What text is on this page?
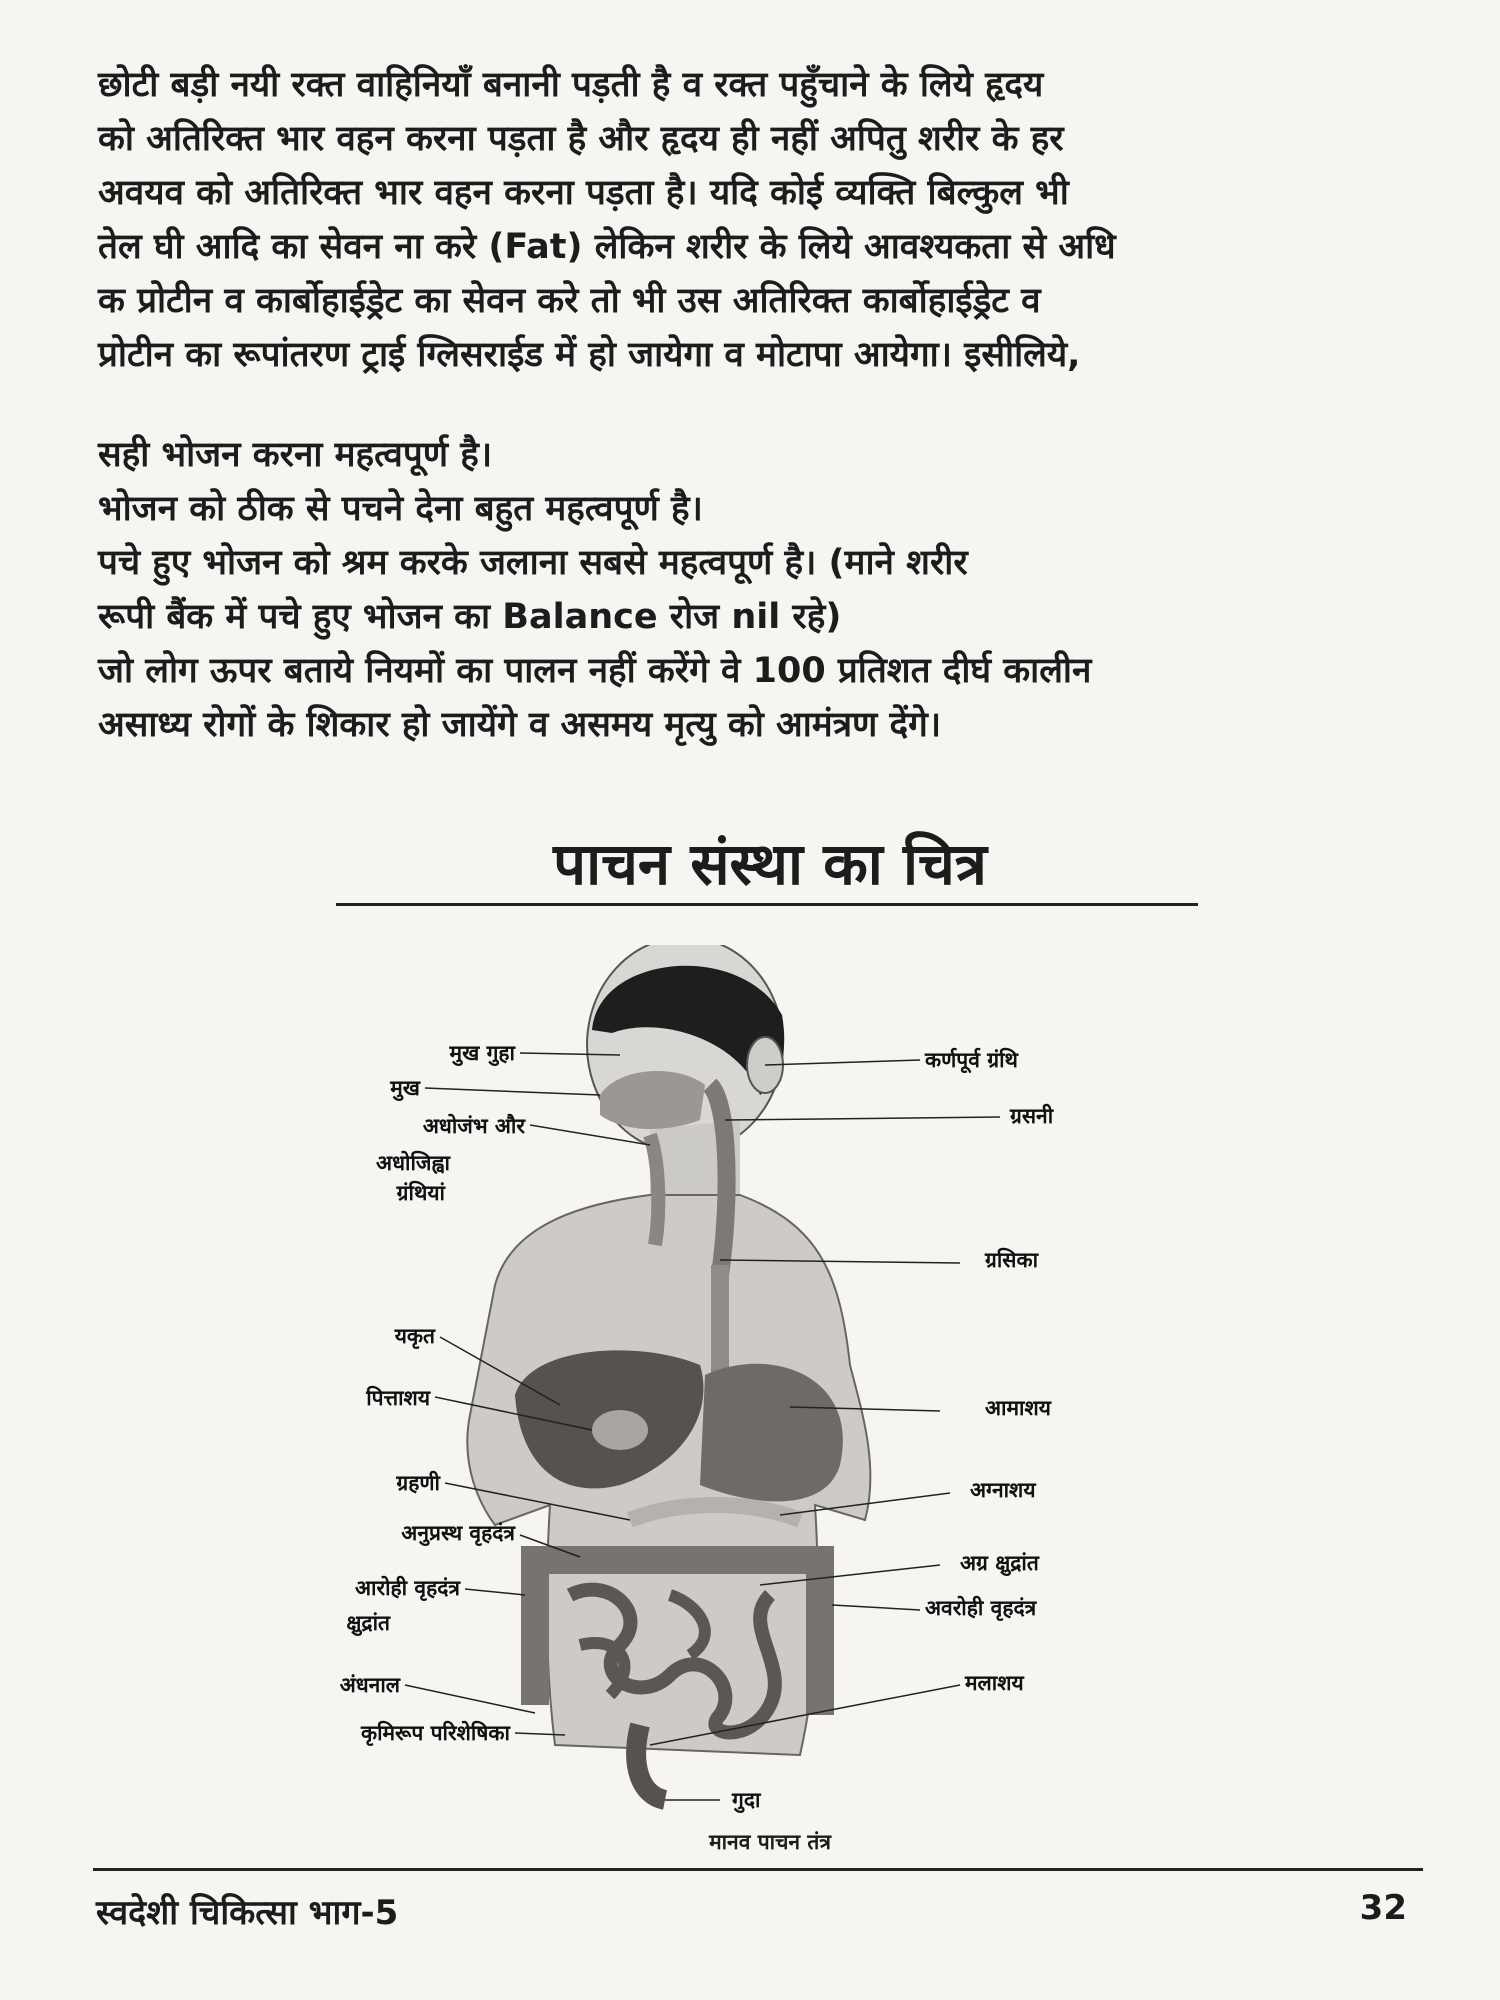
छोटी बड़ी नयी रक्त वाहिनियाँ बनानी पड़ती है व रक्त पहुँचाने के लिये हृदय
को अतिरिक्त भार वहन करना पड़ता है और हृदय ही नहीं अपितु शरीर के हर
अवयव को अतिरिक्त भार वहन करना पड़ता है। यदि कोई व्यक्ति बिल्कुल भी
तेल घी आदि का सेवन ना करे (Fat) लेकिन शरीर के लिये आवश्यकता से अधि
क प्रोटीन व कार्बोहाईड्रेट का सेवन करे तो भी उस अतिरिक्त कार्बोहाईड्रेट व
प्रोटीन का रूपांतरण ट्राई ग्लिसराईड में हो जायेगा व मोटापा आयेगा। इसीलिये,
सही भोजन करना महत्वपूर्ण है।
भोजन को ठीक से पचने देना बहुत महत्वपूर्ण है।
पचे हुए भोजन को श्रम करके जलाना सबसे महत्वपूर्ण है। (माने शरीर
रूपी बैंक में पचे हुए भोजन का Balance रोज nil रहे)
जो लोग ऊपर बताये नियमों का पालन नहीं करेंगे वे 100 प्रतिशत दीर्घ कालीन
असाध्य रोगों के शिकार हो जायेंगे व असमय मृत्यु को आमंत्रण देंगे।
पाचन संस्था का चित्र
मुख गुहा
मुख
अधोजंभ और
अधोजिह्वा
ग्रंथियां
यकृत
पित्ताशय
ग्रहणी
अनुप्रस्थ वृहदंत्र
आरोही वृहदंत्र
क्षुद्रांत
अंधनाल
कृमिरूप परिशेषिका
कर्णपूर्व ग्रंथि
ग्रसनी
ग्रसिका
आमाशय
अग्नाशय
अग्र क्षुद्रांत
अवरोही वृहदंत्र
मलाशय
गुदा
मानव पाचन तंत्र
स्वदेशी चिकित्सा भाग-5	32
